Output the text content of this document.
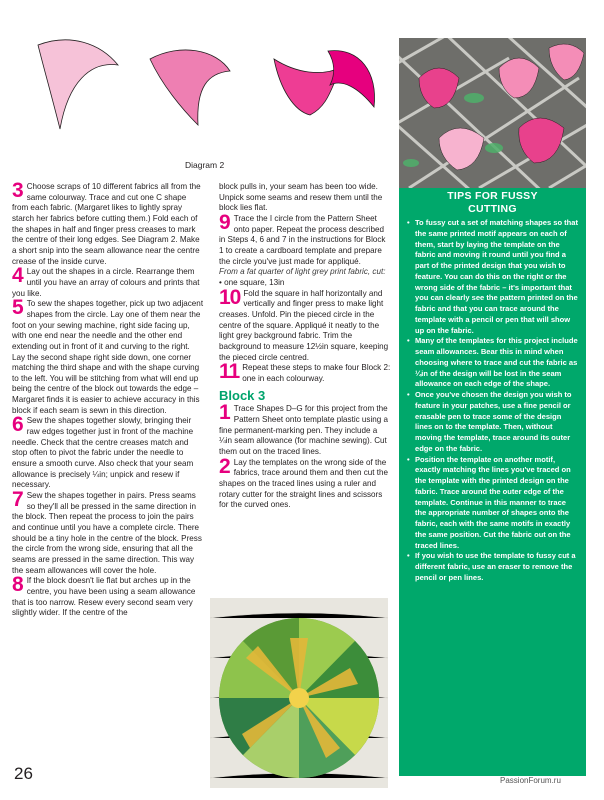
Diagram 2

3 Choose scraps of 10 different fabrics all from the same colourway. Trace and cut one C shape from each fabric. (Margaret likes to lightly spray starch her fabrics before cutting them.) Fold each of the shapes in half and finger press creases to mark the centre of their long edges. See Diagram 2. Make a short snip into the seam allowance near the centre crease of the inside curve.

4 Lay out the shapes in a circle. Rearrange them until you have an array of colours and prints that you like.

5 To sew the shapes together, pick up two adjacent shapes from the circle. Lay one of them near the foot on your sewing machine, right side facing up, with one end near the needle and the other end extending out in front of it and curving to the right. Lay the second shape right side down, one corner matching the third shape and with the shape curving to the left. You will be stitching from what will end up being the centre of the block out towards the edge – Margaret finds it is easier to achieve accuracy in this block if each seam is sewn in this direction.

6 Sew the shapes together slowly, bringing their raw edges together just in front of the machine needle. Check that the centre creases match and stop often to pivot the fabric under the needle to ensure a smooth curve. Also check that your seam allowance is precisely ¼in; unpick and resew if necessary.

7 Sew the shapes together in pairs. Press seams so they'll all be pressed in the same direction in the block. Then repeat the process to join the pairs and continue until you have a complete circle. There should be a tiny hole in the centre of the block. Press the circle from the wrong side, ensuring that all the seams are pressed in the same direction. This way the seam allowances will cover the hole.

8 If the block doesn't lie flat but arches up in the centre, you have been using a seam allowance that is too narrow. Resew every second seam very slightly wider. If the centre of the

block pulls in, your seam has been too wide. Unpick some seams and resew them until the block lies flat.

9 Trace the I circle from the Pattern Sheet onto paper. Repeat the process described in Steps 4, 6 and 7 in the instructions for Block 1 to create a cardboard template and prepare the circle you've just made for appliqué.

From a fat quarter of light grey print fabric, cut:

• one square, 13in

10 Fold the square in half horizontally and vertically and finger press to make light creases. Unfold. Pin the pieced circle in the centre of the square. Appliqué it neatly to the light grey background fabric. Trim the background to measure 12½in square, keeping the pieced circle centred.

11 Repeat these steps to make four Block 2: one in each colourway.

Block 3

1 Trace Shapes D–G for this project from the Pattern Sheet onto template plastic using a fine permanent-marking pen. They include a ¼in seam allowance (for machine sewing). Cut them out on the traced lines.

2 Lay the templates on the wrong side of the fabrics, trace around them and then cut the shapes on the traced lines using a ruler and rotary cutter for the straight lines and scissors for the curved ones.

TIPS FOR FUSSY
CUTTING
• To fussy cut a set of matching shapes so that the same printed motif appears on each of them, start by laying the template on the fabric and moving it round until you find a part of the printed design that you wish to feature. You can do this on the right or the wrong side of the fabric – it's important that you can clearly see the pattern printed on the fabric and that you can trace around the template with a pencil or pen that will show up on the fabric.
• Many of the templates for this project include seam allowances. Bear this in mind when choosing where to trace and cut the fabric as ¼in of the design will be lost in the seam allowance on each edge of the shape.
• Once you've chosen the design you wish to feature in your patches, use a fine pencil or erasable pen to trace some of the design lines on to the template. Then, without moving the template, trace around its outer edge on the fabric.
• Position the template on another motif, exactly matching the lines you've traced on the template with the printed design on the fabric. Trace around the outer edge of the template. Continue in this manner to trace the appropriate number of shapes onto the fabric, each with the same motifs in exactly the same position. Cut the fabric out on the traced lines.
• If you wish to use the template to fussy cut a different fabric, use an eraser to remove the pencil or pen lines.
26	PassionForum.ru
